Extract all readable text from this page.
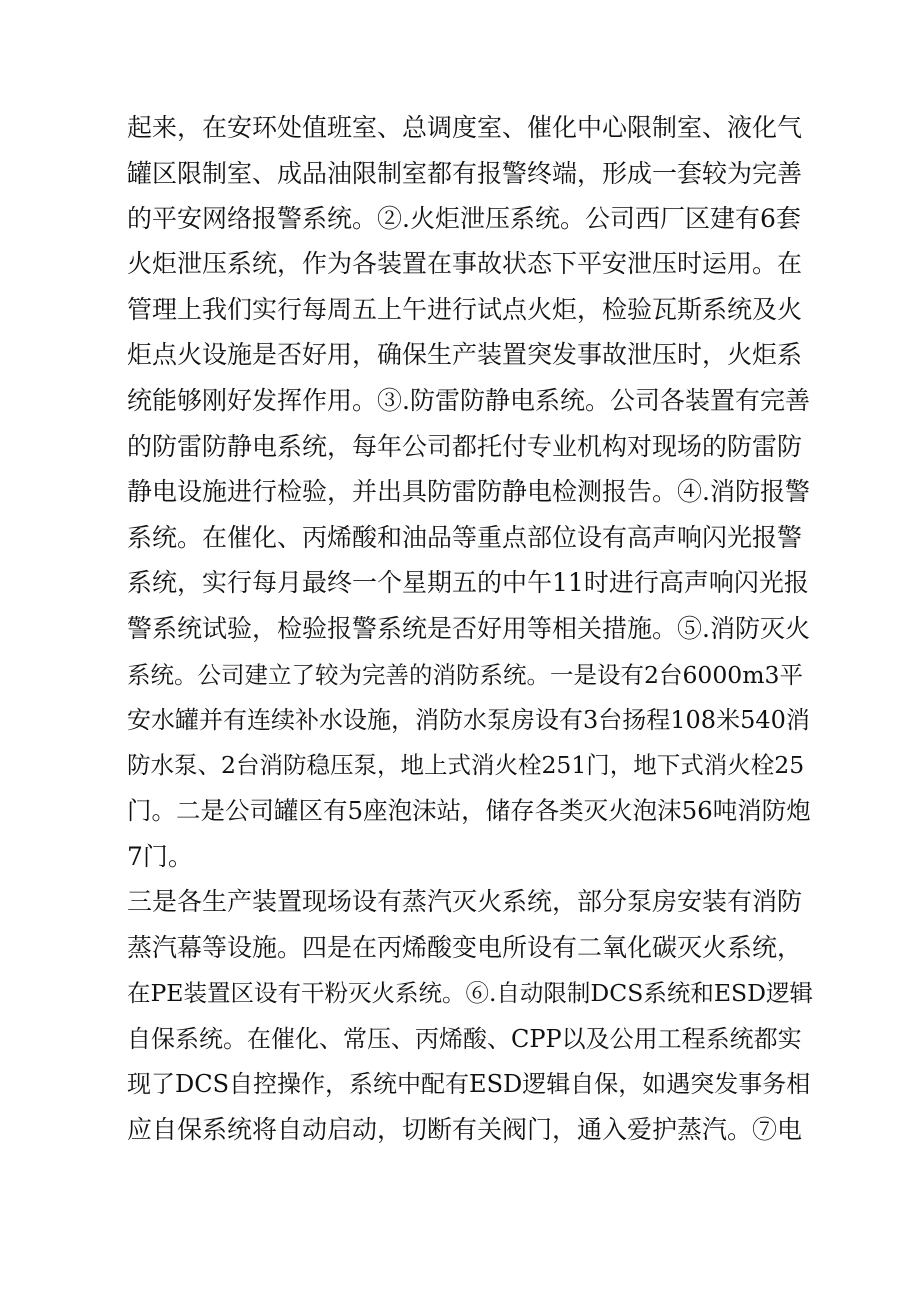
起来，在安环处值班室、总调度室、催化中心限制室、液化气
罐区限制室、成品油限制室都有报警终端，形成一套较为完善
的平安网络报警系统。②.火炬泄压系统。公司西厂区建有6套
火炬泄压系统，作为各装置在事故状态下平安泄压时运用。在
管理上我们实行每周五上午进行试点火炬，检验瓦斯系统及火
炬点火设施是否好用，确保生产装置突发事故泄压时，火炬系
统能够刚好发挥作用。③.防雷防静电系统。公司各装置有完善
的防雷防静电系统，每年公司都托付专业机构对现场的防雷防
静电设施进行检验，并出具防雷防静电检测报告。④.消防报警
系统。在催化、丙烯酸和油品等重点部位设有高声响闪光报警
系统，实行每月最终一个星期五的中午11时进行高声响闪光报
警系统试验，检验报警系统是否好用等相关措施。⑤.消防灭火
系统。公司建立了较为完善的消防系统。一是设有2台6000m3平
安水罐并有连续补水设施，消防水泵房设有3台扬程108米540消
防水泵、2台消防稳压泵，地上式消火栓251门，地下式消火栓25
门。二是公司罐区有5座泡沫站，储存各类灭火泡沫56吨消防炮
7门。
三是各生产装置现场设有蒸汽灭火系统，部分泵房安装有消防
蒸汽幕等设施。四是在丙烯酸变电所设有二氧化碳灭火系统，
在PE装置区设有干粉灭火系统。⑥.自动限制DCS系统和ESD逻辑
自保系统。在催化、常压、丙烯酸、CPP以及公用工程系统都实
现了DCS自控操作，系统中配有ESD逻辑自保，如遇突发事务相
应自保系统将自动启动，切断有关阀门，通入爱护蒸汽。⑦电
